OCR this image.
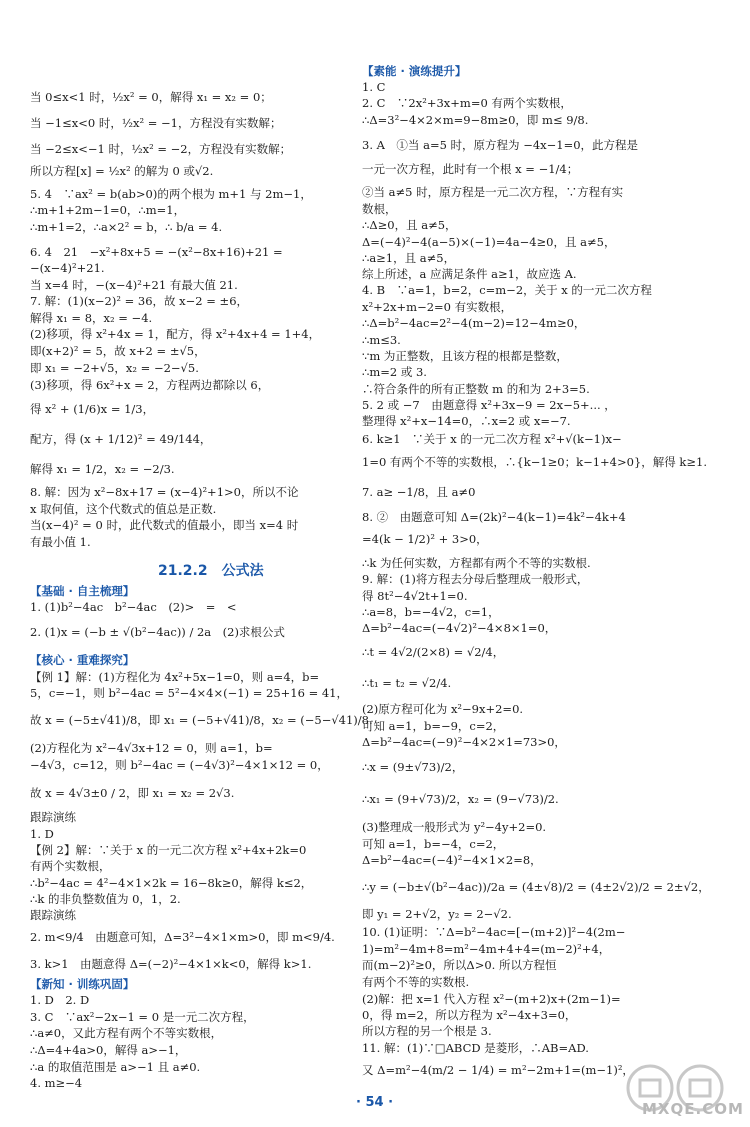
当 0≤x<1 时，½x² = 0，解得 x₁ = x₂ = 0；
当 −1≤x<0 时，½x² = −1，方程没有实数解；
当 −2≤x<−1 时，½x² = −2，方程没有实数解；
所以方程[x] = ½x² 的解为 0 或√2.
5. 4　∵ax² = b(ab>0)的两个根为 m+1 与 2m−1，
∴m+1+2m−1=0，∴m=1，
∴m+1=2，∴a×2² = b，∴ b/a = 4.
6. 4　21　−x²+8x+5 = −(x²−8x+16)+21 =
−(x−4)²+21.
当 x=4 时，−(x−4)²+21 有最大值 21.
7. 解：(1)(x−2)² = 36，故 x−2 = ±6，
解得 x₁ = 8，x₂ = −4.
(2)移项，得 x²+4x = 1，配方，得 x²+4x+4 = 1+4，
即(x+2)² = 5，故 x+2 = ±√5，
即 x₁ = −2+√5，x₂ = −2−√5.
(3)移项，得 6x²+x = 2，方程两边都除以 6，
得 x² + (1/6)x = 1/3，
配方，得 (x + 1/12)² = 49/144，
解得 x₁ = 1/2，x₂ = −2/3.
8. 解：因为 x²−8x+17 = (x−4)²+1>0，所以不论
x 取何值，这个代数式的值总是正数.
当(x−4)² = 0 时，此代数式的值最小，即当 x=4 时
有最小值 1.
21.2.2　公式法
【基础 · 自主梳理】
1. (1)b²−4ac　b²−4ac　(2)>　=　<
2. (1)x = (−b ± √(b²−4ac)) / 2a　(2)求根公式
【核心 · 重难探究】
【例 1】解：(1)方程化为 4x²+5x−1=0，则 a=4，b=
5，c=−1，则 b²−4ac = 5²−4×4×(−1) = 25+16 = 41，
故 x = (−5±√41)/8，即 x₁ = (−5+√41)/8，x₂ = (−5−√41)/8.
(2)方程化为 x²−4√3x+12 = 0，则 a=1，b=
−4√3，c=12，则 b²−4ac = (−4√3)²−4×1×12 = 0，
故 x = 4√3±0 / 2，即 x₁ = x₂ = 2√3.
跟踪演练
1. D
【例 2】解：∵关于 x 的一元二次方程 x²+4x+2k=0
有两个实数根，
∴b²−4ac = 4²−4×1×2k = 16−8k≥0，解得 k≤2，
∴k 的非负整数值为 0，1，2.
跟踪演练
2. m<9/4　由题意可知，Δ=3²−4×1×m>0，即 m<9/4.
3. k>1　由题意得 Δ=(−2)²−4×1×k<0，解得 k>1.
【新知 · 训练巩固】
1. D　2. D
3. C　∵ax²−2x−1 = 0 是一元二次方程，
∴a≠0，又此方程有两个不等实数根，
∴Δ=4+4a>0，解得 a>−1，
∴a 的取值范围是 a>−1 且 a≠0.
4. m≥−4
【素能 · 演练提升】
1. C
2. C　∵2x²+3x+m=0 有两个实数根，
∴Δ=3²−4×2×m=9−8m≥0，即 m≤ 9/8.
3. A　①当 a=5 时，原方程为 −4x−1=0，此方程是
一元一次方程，此时有一个根 x = −1/4；
②当 a≠5 时，原方程是一元二次方程，∵方程有实
数根，
∴Δ≥0，且 a≠5，
Δ=(−4)²−4(a−5)×(−1)=4a−4≥0，且 a≠5，
∴a≥1，且 a≠5，
综上所述，a 应满足条件 a≥1，故应选 A.
4. B　∵a=1，b=2，c=m−2，关于 x 的一元二次方程
x²+2x+m−2=0 有实数根，
∴Δ=b²−4ac=2²−4(m−2)=12−4m≥0，
∴m≤3.
∵m 为正整数，且该方程的根都是整数，
∴m=2 或 3.
∴符合条件的所有正整数 m 的和为 2+3=5.
5. 2 或 −7　由题意得 x²+3x−9 = 2x−5+... ，
整理得 x²+x−14=0，∴x=2 或 x=−7.
6. k≥1　∵关于 x 的一元二次方程 x²+√(k−1)x−
1=0 有两个不等的实数根，∴{k−1≥0；k−1+4>0}，解得 k≥1.
7. a≥ −1/8，且 a≠0
8. ②　由题意可知 Δ=(2k)²−4(k−1)=4k²−4k+4
=4(k − 1/2)² + 3>0，
∴k 为任何实数，方程都有两个不等的实数根.
9. 解：(1)将方程去分母后整理成一般形式，
得 8t²−4√2t+1=0.
∴a=8，b=−4√2，c=1，
Δ=b²−4ac=(−4√2)²−4×8×1=0，
∴t = 4√2/(2×8) = √2/4，
∴t₁ = t₂ = √2/4.
(2)原方程可化为 x²−9x+2=0.
可知 a=1，b=−9，c=2，
Δ=b²−4ac=(−9)²−4×2×1=73>0，
∴x = (9±√73)/2，
∴x₁ = (9+√73)/2，x₂ = (9−√73)/2.
(3)整理成一般形式为 y²−4y+2=0.
可知 a=1，b=−4，c=2，
Δ=b²−4ac=(−4)²−4×1×2=8，
∴y = (−b±√(b²−4ac))/2a = (4±√8)/2 = (4±2√2)/2 = 2±√2，
即 y₁ = 2+√2，y₂ = 2−√2.
10. (1)证明：∵Δ=b²−4ac=[−(m+2)]²−4(2m−
1)=m²−4m+8=m²−4m+4+4=(m−2)²+4，
而(m−2)²≥0，所以Δ>0. 所以方程恒
有两个不等的实数根.
(2)解：把 x=1 代入方程 x²−(m+2)x+(2m−1)=
0，得 m=2，所以方程为 x²−4x+3=0，
所以方程的另一个根是 3.
11. 解：(1)∵□ABCD 是菱形，∴AB=AD.
又 Δ=m²−4(m/2 − 1/4) = m²−2m+1=(m−1)²，
· 54 ·	MXQE.COM
